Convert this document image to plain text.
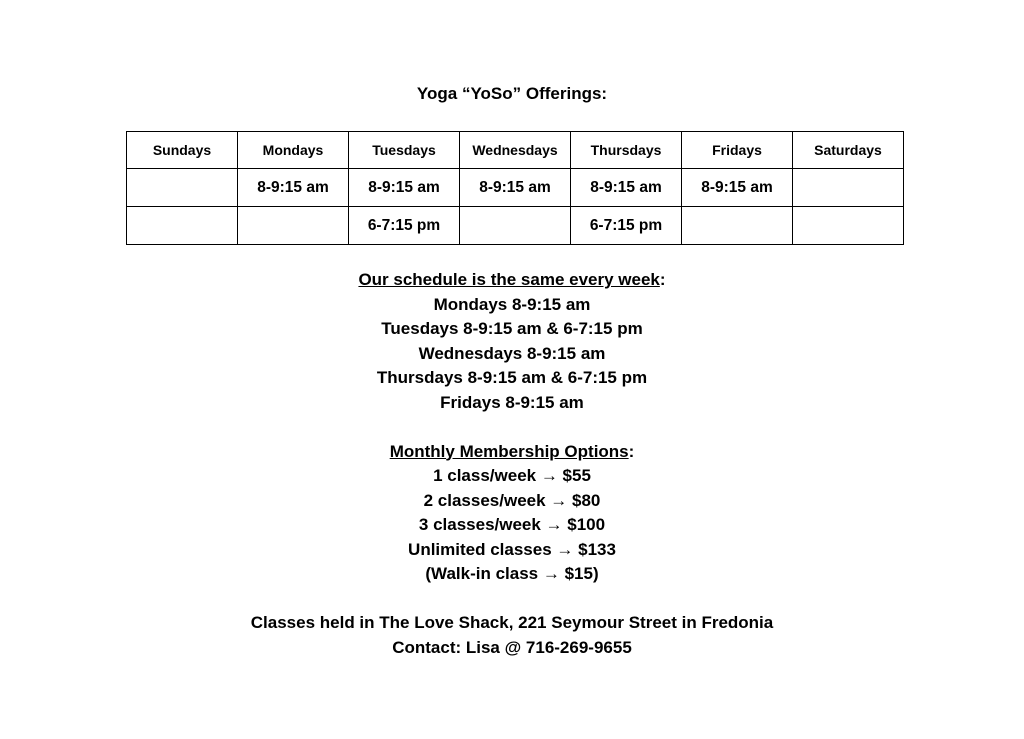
Yoga “YoSo” Offerings:
Sundays	Mondays	Tuesdays	Wednesdays	Thursdays	Fridays	Saturdays
	8-9:15 am	8-9:15 am	8-9:15 am	8-9:15 am	8-9:15 am	
		6-7:15 pm		6-7:15 pm		
Our schedule is the same every week:
Mondays 8-9:15 am
Tuesdays 8-9:15 am & 6-7:15 pm
Wednesdays 8-9:15 am
Thursdays 8-9:15 am & 6-7:15 pm
Fridays 8-9:15 am
Monthly Membership Options:
1 class/week → $55
2 classes/week → $80
3 classes/week → $100
Unlimited classes → $133
(Walk-in class → $15)
Classes held in The Love Shack, 221 Seymour Street in Fredonia
Contact: Lisa @ 716-269-9655
